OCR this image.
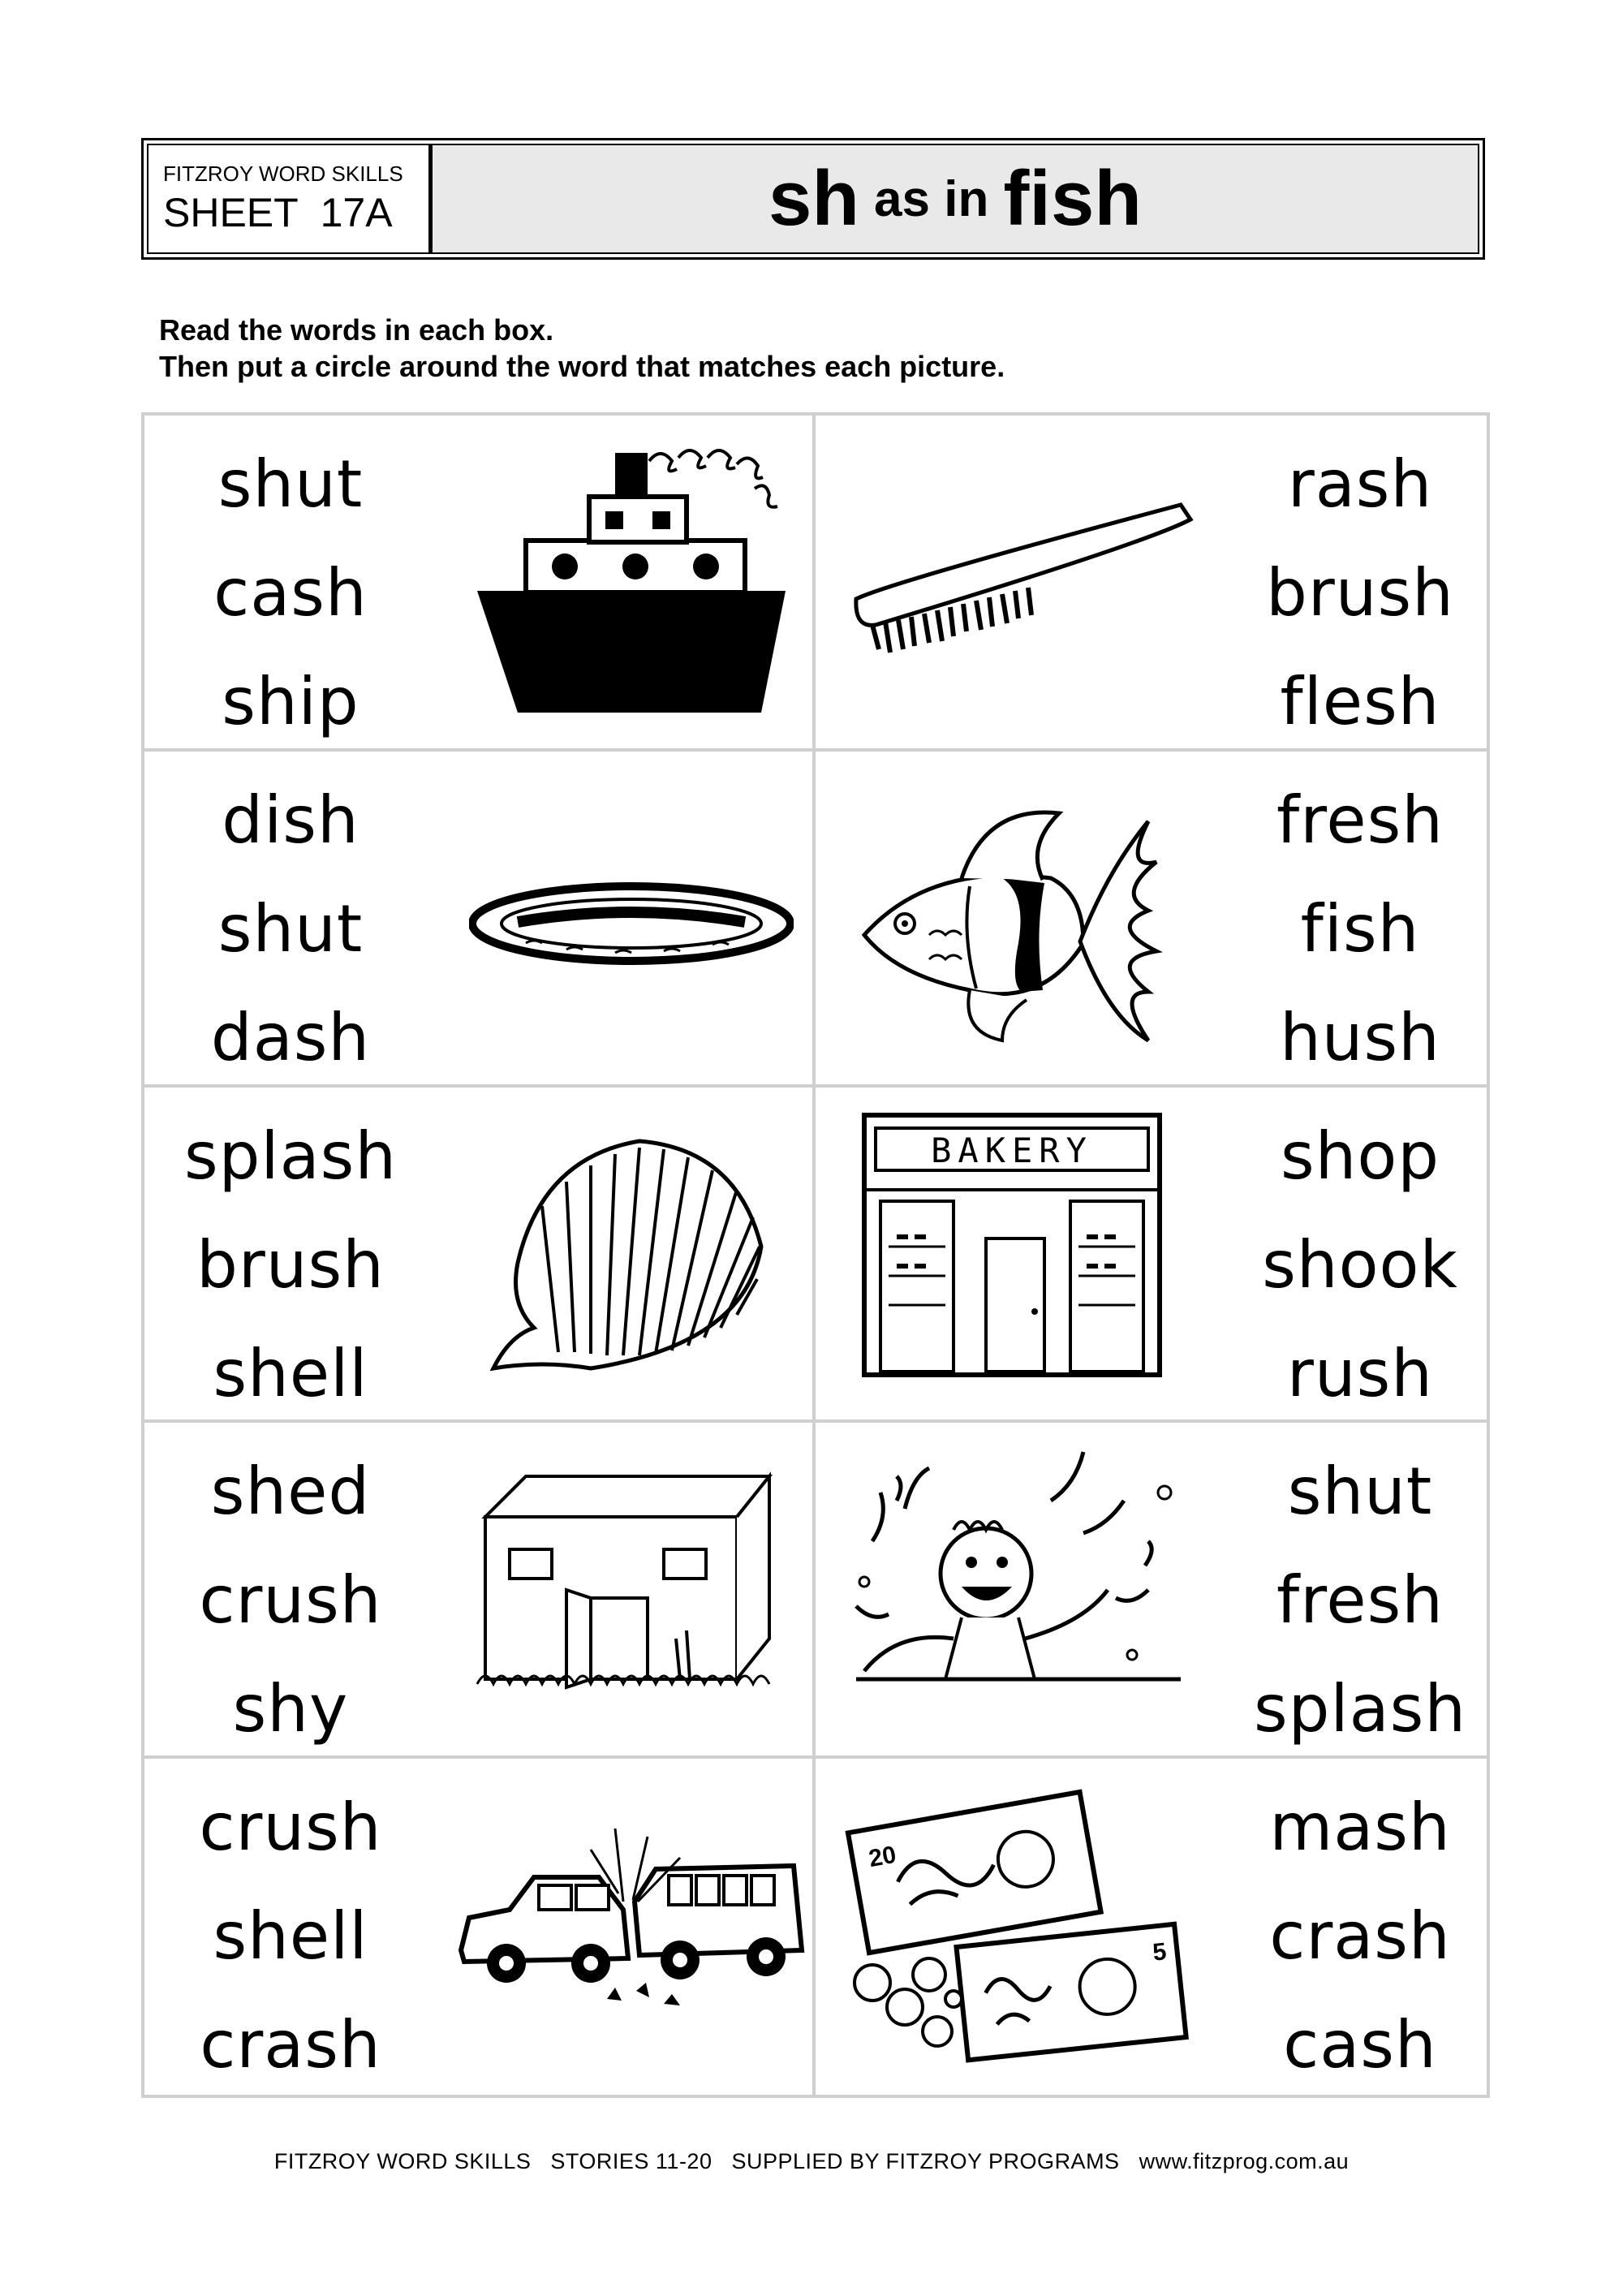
FITZROY WORD SKILLS
SHEET  17A	sh as in fish
Read the words in each box.
Then put a circle around the word that matches each picture.
shut
cash
ship
rash
brush
flesh
dish
shut
dash
fresh
fish
hush
splash
brush
shell
BAKERY	shop
shook
rush
shed
crush
shy
shut
fresh
splash
crush
shell
crash
20
5
mash
crash
cash
FITZROY WORD SKILLS   STORIES 11-20   SUPPLIED BY FITZROY PROGRAMS   www.fitzprog.com.au
